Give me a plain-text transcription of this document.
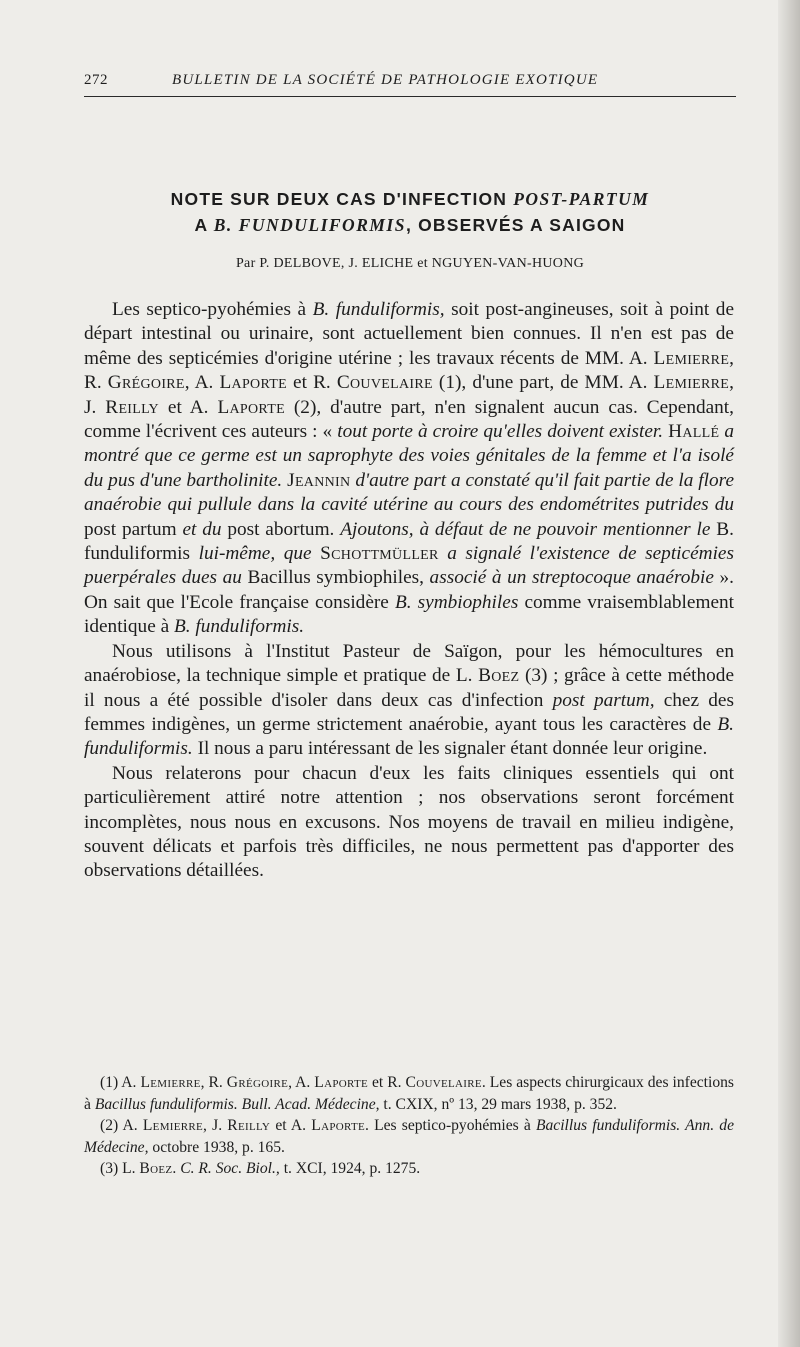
272	BULLETIN DE LA SOCIÉTÉ DE PATHOLOGIE EXOTIQUE
NOTE SUR DEUX CAS D'INFECTION POST-PARTUM
A B. FUNDULIFORMIS, OBSERVÉS A SAIGON
Par P. DELBOVE, J. ELICHE et NGUYEN-VAN-HUONG

Les septico-pyohémies à B. funduliformis, soit post-angineuses, soit à point de départ intestinal ou urinaire, sont actuellement bien connues. Il n'en est pas de même des septicémies d'origine utérine ; les travaux récents de MM. A. Lemierre, R. Grégoire, A. Laporte et R. Couvelaire (1), d'une part, de MM. A. Lemierre, J. Reilly et A. Laporte (2), d'autre part, n'en signalent aucun cas. Cependant, comme l'écrivent ces auteurs : « tout porte à croire qu'elles doivent exister. Hallé a montré que ce germe est un saprophyte des voies génitales de la femme et l'a isolé du pus d'une bartholinite. Jeannin d'autre part a constaté qu'il fait partie de la flore anaérobie qui pullule dans la cavité utérine au cours des endométrites putrides du post partum et du post abortum. Ajoutons, à défaut de ne pouvoir mentionner le B. funduliformis lui-même, que Schottmüller a signalé l'existence de septicémies puerpérales dues au Bacillus symbiophiles, associé à un streptocoque anaérobie ». On sait que l'Ecole française considère B. symbiophiles comme vraisemblablement identique à B. funduliformis.

Nous utilisons à l'Institut Pasteur de Saïgon, pour les hémocultures en anaérobiose, la technique simple et pratique de L. Boez (3) ; grâce à cette méthode il nous a été possible d'isoler dans deux cas d'infection post partum, chez des femmes indigènes, un germe strictement anaérobie, ayant tous les caractères de B. funduliformis. Il nous a paru intéressant de les signaler étant donnée leur origine.

Nous relaterons pour chacun d'eux les faits cliniques essentiels qui ont particulièrement attiré notre attention ; nos observations seront forcément incomplètes, nous nous en excusons. Nos moyens de travail en milieu indigène, souvent délicats et parfois très difficiles, ne nous permettent pas d'apporter des observations détaillées.

(1) A. Lemierre, R. Grégoire, A. Laporte et R. Couvelaire. Les aspects chirurgicaux des infections à Bacillus funduliformis. Bull. Acad. Médecine, t. CXIX, nº 13, 29 mars 1938, p. 352.

(2) A. Lemierre, J. Reilly et A. Laporte. Les septico-pyohémies à Bacillus funduliformis. Ann. de Médecine, octobre 1938, p. 165.

(3) L. Boez. C. R. Soc. Biol., t. XCI, 1924, p. 1275.
